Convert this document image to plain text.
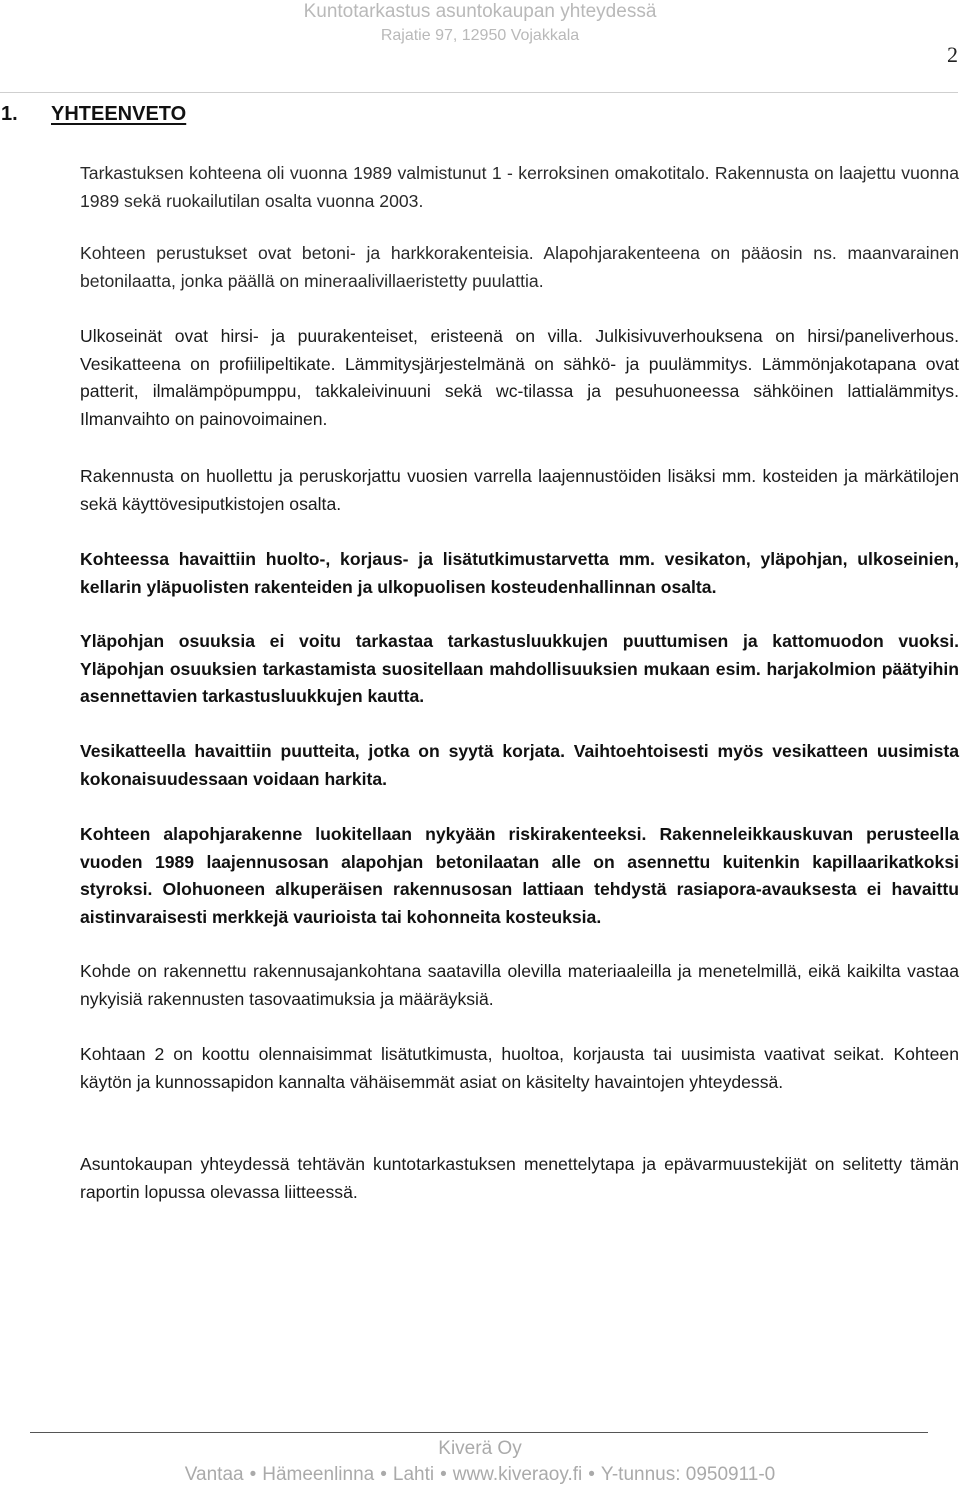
Kuntotarkastus asuntokaupan yhteydessä
Rajatie 97, 12950 Vojakkala
2
1. YHTEENVETO

Tarkastuksen kohteena oli vuonna 1989 valmistunut 1 - kerroksinen omakotitalo. Rakennusta on laajettu vuonna 1989 sekä ruokailutilan osalta vuonna 2003.

Kohteen perustukset ovat betoni- ja harkkorakenteisia. Alapohjarakenteena on pääosin ns. maanvarainen betonilaatta, jonka päällä on mineraalivillaeristetty puulattia.

Ulkoseinät ovat hirsi- ja puurakenteiset, eristeenä on villa. Julkisivuverhouksena on hirsi/paneliverhous. Vesikatteena on profiilipeltikate. Lämmitysjärjestelmänä on sähkö- ja puulämmitys. Lämmönjakotapana ovat patterit, ilmalämpöpumppu, takkaleivinuuni sekä wc-tilassa ja pesuhuoneessa sähköinen lattialämmitys. Ilmanvaihto on painovoimainen.

Rakennusta on huollettu ja peruskorjattu vuosien varrella laajennustöiden lisäksi mm. kosteiden ja märkätilojen sekä käyttövesiputkistojen osalta.

Kohteessa havaittiin huolto-, korjaus- ja lisätutkimustarvetta mm. vesikaton, yläpohjan, ulkoseinien, kellarin yläpuolisten rakenteiden ja ulkopuolisen kosteudenhallinnan osalta.

Yläpohjan osuuksia ei voitu tarkastaa tarkastusluukkujen puuttumisen ja kattomuodon vuoksi. Yläpohjan osuuksien tarkastamista suositellaan mahdollisuuksien mukaan esim. harjakolmion päätyihin asennettavien tarkastusluukkujen kautta.

Vesikatteella havaittiin puutteita, jotka on syytä korjata. Vaihtoehtoisesti myös vesikatteen uusimista kokonaisuudessaan voidaan harkita.

Kohteen alapohjarakenne luokitellaan nykyään riskirakenteeksi. Rakenneleikkauskuvan perusteella vuoden 1989 laajennusosan alapohjan betonilaatan alle on asennettu kuitenkin kapillaarikatkoksi styroksi. Olohuoneen alkuperäisen rakennusosan lattiaan tehdystä rasiapora-avauksesta ei havaittu aistinvaraisesti merkkejä vaurioista tai kohonneita kosteuksia.

Kohde on rakennettu rakennusajankohtana saatavilla olevilla materiaaleilla ja menetelmillä, eikä kaikilta vastaa nykyisiä rakennusten tasovaatimuksia ja määräyksiä.

Kohtaan 2 on koottu olennaisimmat lisätutkimusta, huoltoa, korjausta tai uusimista vaativat seikat. Kohteen käytön ja kunnossapidon kannalta vähäisemmät asiat on käsitelty havaintojen yhteydessä.

Asuntokaupan yhteydessä tehtävän kuntotarkastuksen menettelytapa ja epävarmuustekijät on selitetty tämän raportin lopussa olevassa liitteessä.

Kiverä Oy
Vantaa • Hämeenlinna • Lahti • www.kiveraoy.fi • Y-tunnus: 0950911-0
